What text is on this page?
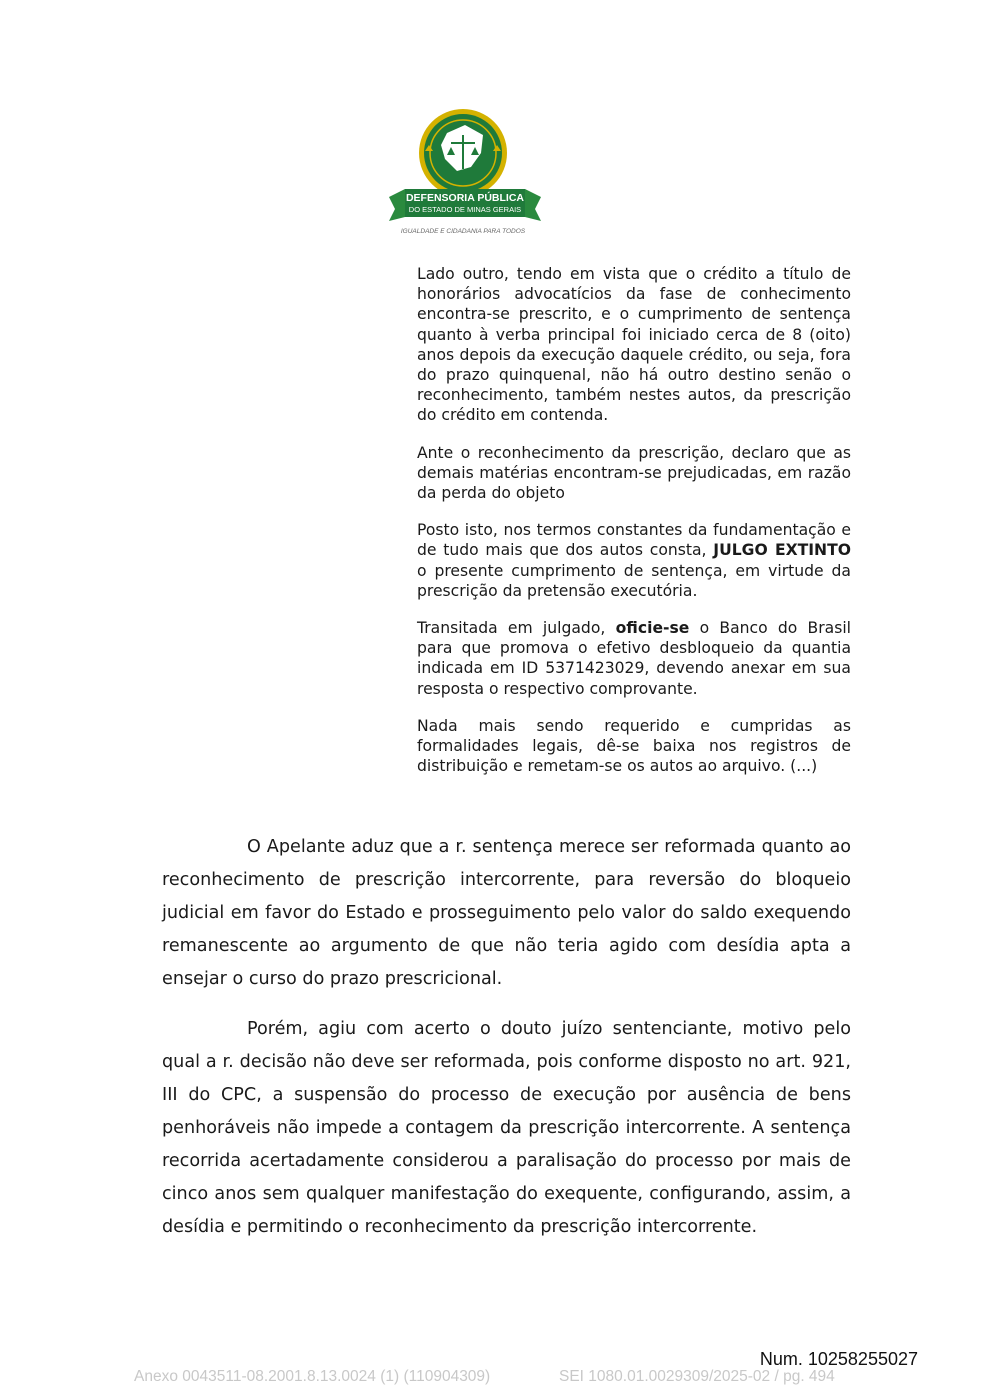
DEFENSORIA PÚBLICA
DO ESTADO DE MINAS GERAIS
IGUALDADE E CIDADANIA PARA TODOS

Lado outro, tendo em vista que o crédito a título de honorários advocatícios da fase de conhecimento encontra-se prescrito, e o cumprimento de sentença quanto à verba principal foi iniciado cerca de 8 (oito) anos depois da execução daquele crédito, ou seja, fora do prazo quinquenal, não há outro destino senão o reconhecimento, também nestes autos, da prescrição do crédito em contenda.

Ante o reconhecimento da prescrição, declaro que as demais matérias encontram-se prejudicadas, em razão da perda do objeto

Posto isto, nos termos constantes da fundamentação e de tudo mais que dos autos consta, JULGO EXTINTO o presente cumprimento de sentença, em virtude da prescrição da pretensão executória.

Transitada em julgado, oficie-se o Banco do Brasil para que promova o efetivo desbloqueio da quantia indicada em ID 5371423029, devendo anexar em sua resposta o respectivo comprovante.

Nada mais sendo requerido e cumpridas as formalidades legais, dê-se baixa nos registros de distribuição e remetam-se os autos ao arquivo. (...)

O Apelante aduz que a r. sentença merece ser reformada quanto ao reconhecimento de prescrição intercorrente, para reversão do bloqueio judicial em favor do Estado e prosseguimento pelo valor do saldo exequendo remanescente ao argumento de que não teria agido com desídia apta a ensejar o curso do prazo prescricional.

Porém, agiu com acerto o douto juízo sentenciante, motivo pelo qual a r. decisão não deve ser reformada, pois conforme disposto no art. 921, III do CPC, a suspensão do processo de execução por ausência de bens penhoráveis não impede a contagem da prescrição intercorrente. A sentença recorrida acertadamente considerou a paralisação do processo por mais de cinco anos sem qualquer manifestação do exequente, configurando, assim, a desídia e permitindo o reconhecimento da prescrição intercorrente.

Num. 10258255027
Anexo 0043511-08.2001.8.13.0024 (1) (110904309)	SEI 1080.01.0029309/2025-02 / pg. 494
